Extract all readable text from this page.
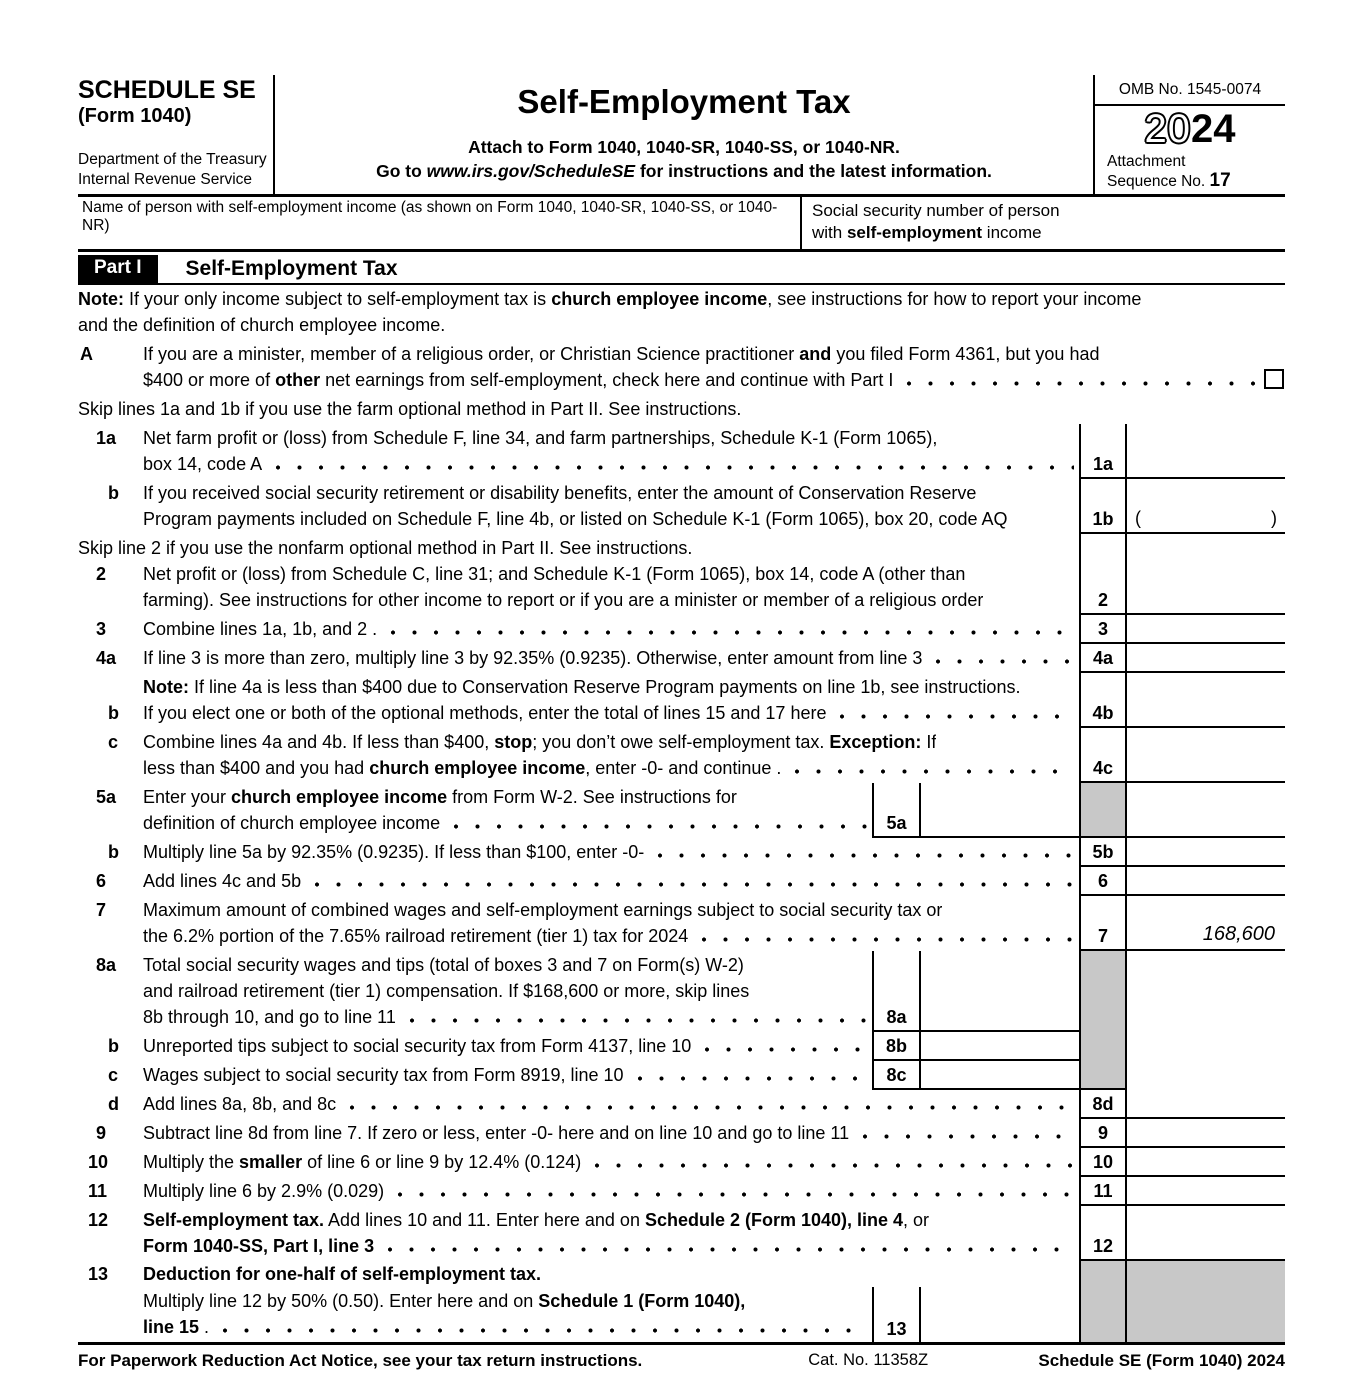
SCHEDULE SE
(Form 1040)
Department of the Treasury
Internal Revenue Service
Self-Employment Tax
Attach to Form 1040, 1040-SR, 1040-SS, or 1040-NR.
Go to www.irs.gov/ScheduleSE for instructions and the latest information.
OMB No. 1545-0074
2024
Attachment
Sequence No. 17
Name of person with self-employment income (as shown on Form 1040, 1040-SR, 1040-SS, or 1040-NR)
Social security number of person
with self-employment income
Part I	Self-Employment Tax
Note: If your only income subject to self-employment tax is church employee income, see instructions for how to report your income
and the definition of church employee income.
A	If you are a minister, member of a religious order, or Christian Science practitioner and you filed Form 4361, but you had
$400 or more of other net earnings from self-employment, check here and continue with Part I
Skip lines 1a and 1b if you use the farm optional method in Part II. See instructions.
1a	Net farm profit or (loss) from Schedule F, line 34, and farm partnerships, Schedule K-1 (Form 1065),
box 14, code A	1a
b	If you received social security retirement or disability benefits, enter the amount of Conservation Reserve
Program payments included on Schedule F, line 4b, or listed on Schedule K-1 (Form 1065), box 20, code AQ	1b	(	)
Skip line 2 if you use the nonfarm optional method in Part II. See instructions.
2	Net profit or (loss) from Schedule C, line 31; and Schedule K-1 (Form 1065), box 14, code A (other than
farming). See instructions for other income to report or if you are a minister or member of a religious order	2
3	Combine lines 1a, 1b, and 2 .	3
4a	If line 3 is more than zero, multiply line 3 by 92.35% (0.9235). Otherwise, enter amount from line 3	4a
Note: If line 4a is less than $400 due to Conservation Reserve Program payments on line 1b, see instructions.
b	If you elect one or both of the optional methods, enter the total of lines 15 and 17 here	4b
c	Combine lines 4a and 4b. If less than $400, stop; you don’t owe self-employment tax. Exception: If
less than $400 and you had church employee income, enter -0- and continue .	4c
5a	Enter your church employee income from Form W-2. See instructions for
definition of church employee income	5a
b	Multiply line 5a by 92.35% (0.9235). If less than $100, enter -0-	5b
6	Add lines 4c and 5b	6
7	Maximum amount of combined wages and self-employment earnings subject to social security tax or
the 6.2% portion of the 7.65% railroad retirement (tier 1) tax for 2024	7	168,600
8a	Total social security wages and tips (total of boxes 3 and 7 on Form(s) W-2)
and railroad retirement (tier 1) compensation. If $168,600 or more, skip lines
8b through 10, and go to line 11	8a
b	Unreported tips subject to social security tax from Form 4137, line 10	8b
c	Wages subject to social security tax from Form 8919, line 10	8c
d	Add lines 8a, 8b, and 8c	8d
9	Subtract line 8d from line 7. If zero or less, enter -0- here and on line 10 and go to line 11	9
10	Multiply the smaller of line 6 or line 9 by 12.4% (0.124)	10
11	Multiply line 6 by 2.9% (0.029)	11
12	Self-employment tax. Add lines 10 and 11. Enter here and on Schedule 2 (Form 1040), line 4, or
Form 1040-SS, Part I, line 3	12
13	Deduction for one-half of self-employment tax.
Multiply line 12 by 50% (0.50). Enter here and on Schedule 1 (Form 1040),
line 15 .	13
For Paperwork Reduction Act Notice, see your tax return instructions.	Cat. No. 11358Z	Schedule SE (Form 1040) 2024
